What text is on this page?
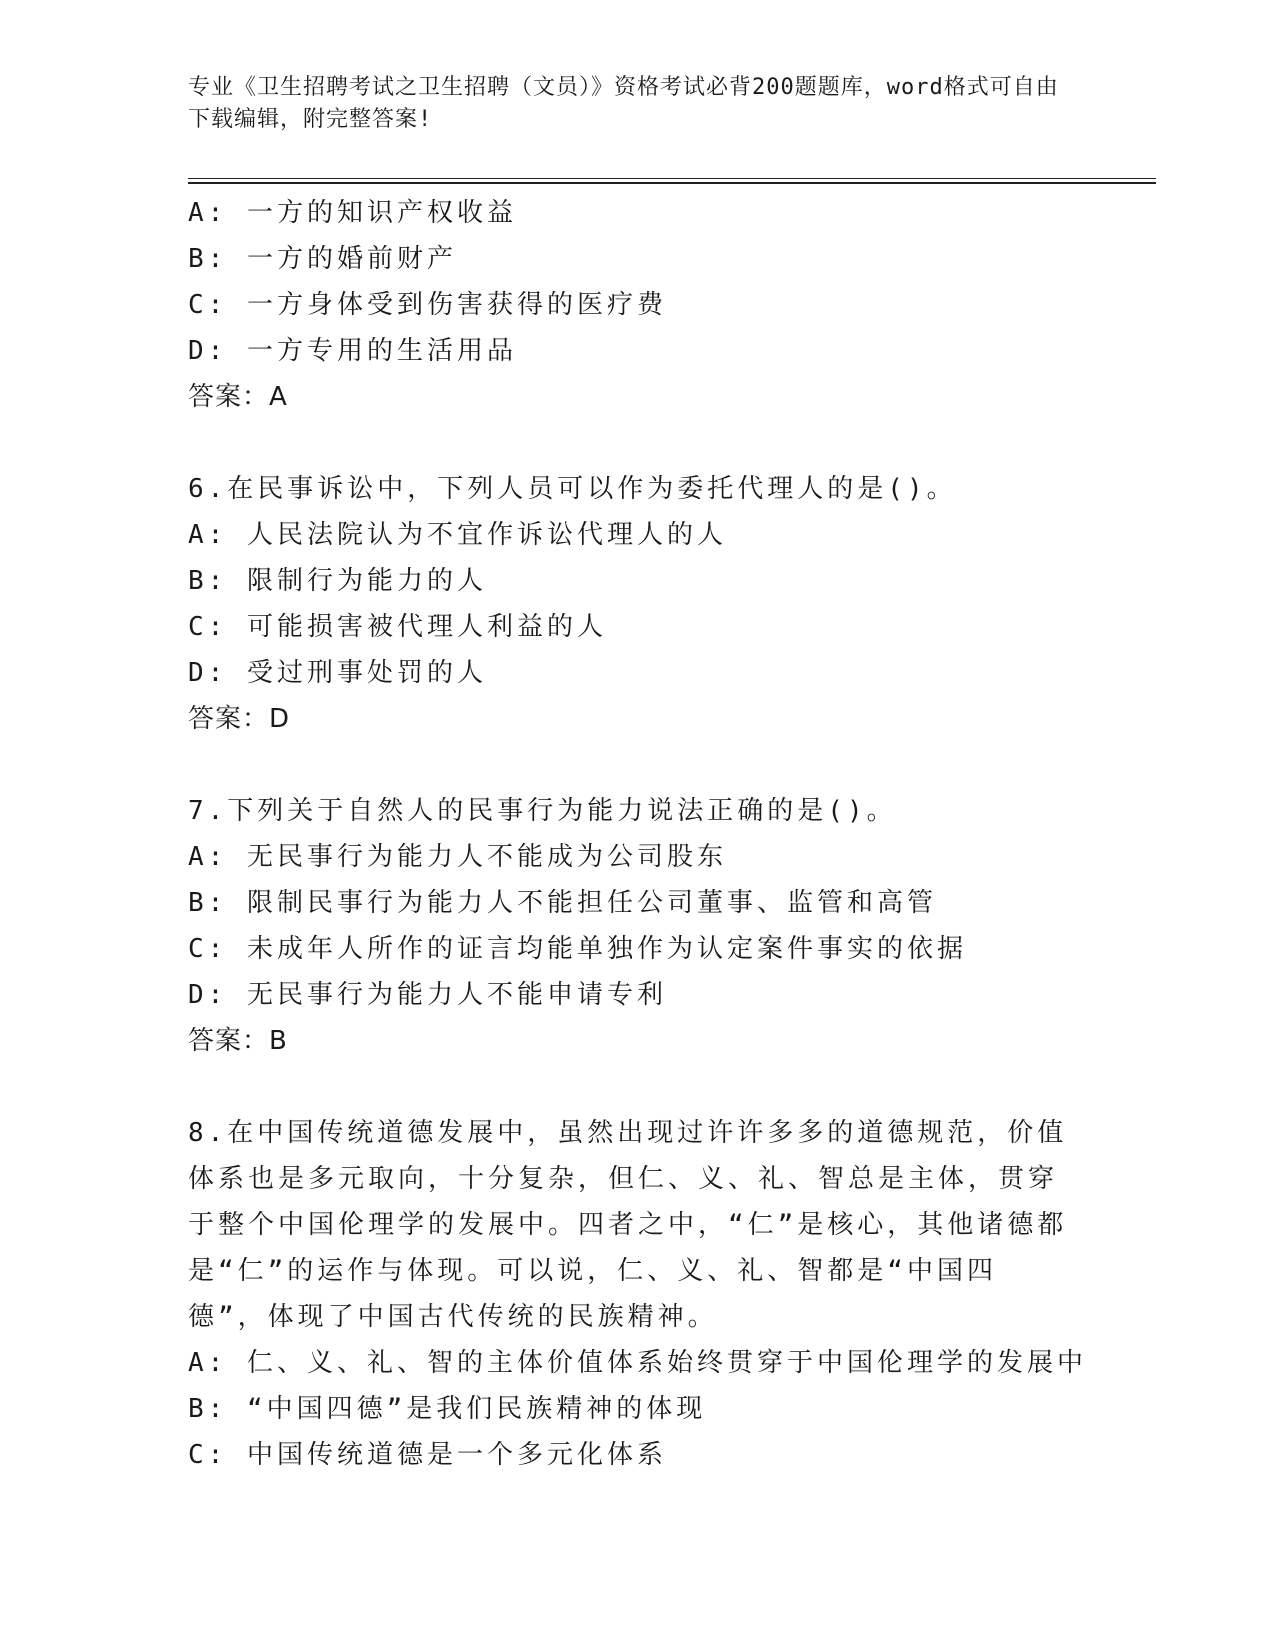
专业《卫生招聘考试之卫生招聘（文员）》资格考试必背200题题库，word格式可自由下载编辑，附完整答案!
A: 一方的知识产权收益
B: 一方的婚前财产
C: 一方身体受到伤害获得的医疗费
D: 一方专用的生活用品
答案：A
6.在民事诉讼中，下列人员可以作为委托代理人的是()。
A: 人民法院认为不宜作诉讼代理人的人
B: 限制行为能力的人
C: 可能损害被代理人利益的人
D: 受过刑事处罚的人
答案：D
7.下列关于自然人的民事行为能力说法正确的是()。
A: 无民事行为能力人不能成为公司股东
B: 限制民事行为能力人不能担任公司董事、监管和高管
C: 未成年人所作的证言均能单独作为认定案件事实的依据
D: 无民事行为能力人不能申请专利
答案：B
8.在中国传统道德发展中，虽然出现过许许多多的道德规范，价值体系也是多元取向，十分复杂，但仁、义、礼、智总是主体，贯穿于整个中国伦理学的发展中。四者之中，“仁”是核心，其他诸德都是“仁”的运作与体现。可以说，仁、义、礼、智都是“中国四德”，体现了中国古代传统的民族精神。
A: 仁、义、礼、智的主体价值体系始终贯穿于中国伦理学的发展中
B: “中国四德”是我们民族精神的体现
C: 中国传统道德是一个多元化体系
